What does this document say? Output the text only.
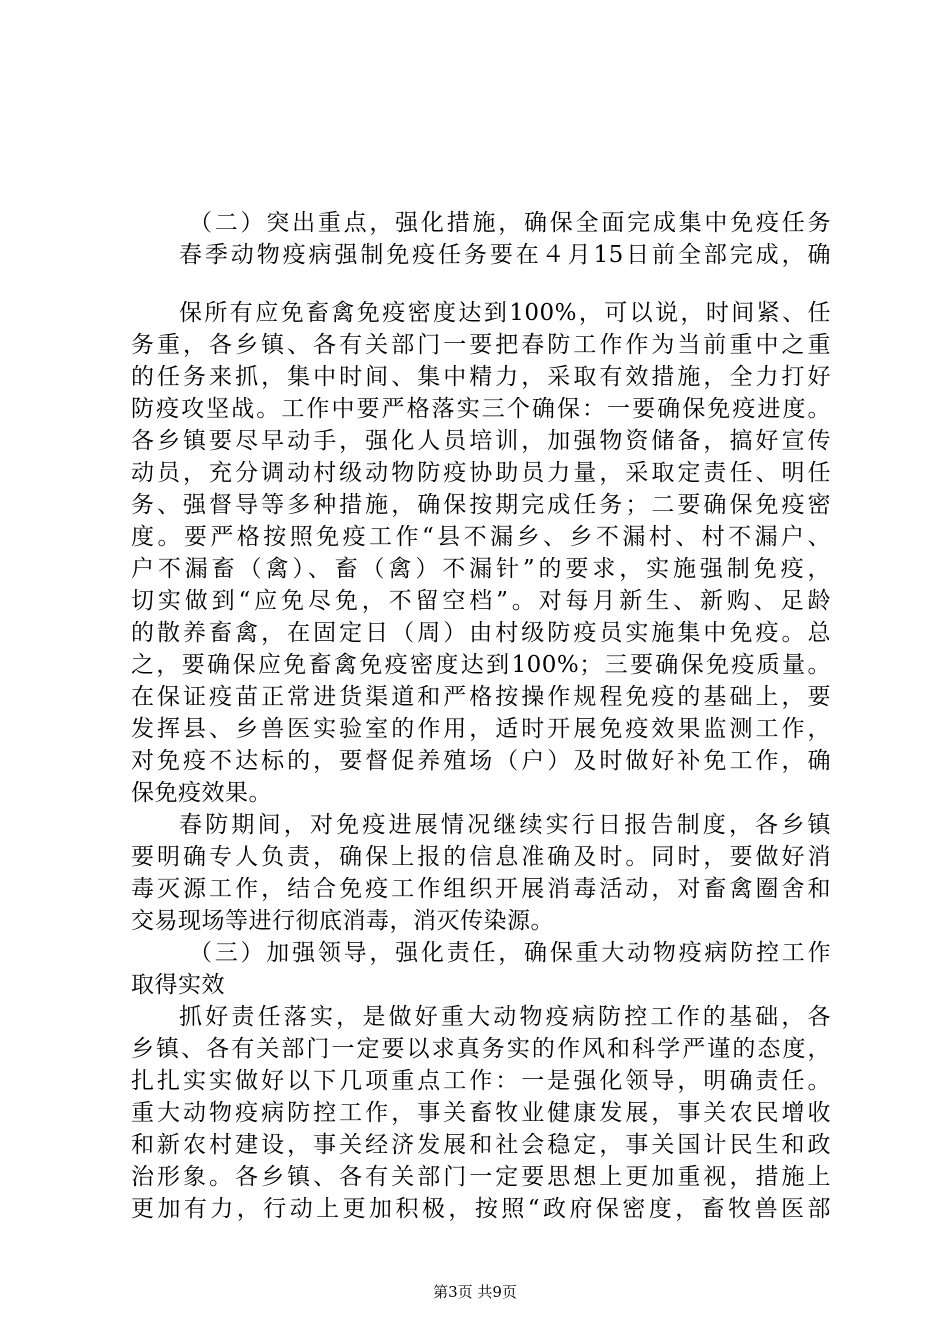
（二）突出重点，强化措施，确保全面完成集中免疫任务
春季动物疫病强制免疫任务要在４月15日前全部完成，确
保所有应免畜禽免疫密度达到100%，可以说，时间紧、任
务重，各乡镇、各有关部门一要把春防工作作为当前重中之重
的任务来抓，集中时间、集中精力，采取有效措施，全力打好
防疫攻坚战。工作中要严格落实三个确保：一要确保免疫进度。
各乡镇要尽早动手，强化人员培训，加强物资储备，搞好宣传
动员，充分调动村级动物防疫协助员力量，采取定责任、明任
务、强督导等多种措施，确保按期完成任务；二要确保免疫密
度。要严格按照免疫工作“县不漏乡、乡不漏村、村不漏户、
户不漏畜（禽）、畜（禽）不漏针”的要求，实施强制免疫，
切实做到“应免尽免，不留空档”。对每月新生、新购、足龄
的散养畜禽，在固定日（周）由村级防疫员实施集中免疫。总
之，要确保应免畜禽免疫密度达到100%；三要确保免疫质量。
在保证疫苗正常进货渠道和严格按操作规程免疫的基础上，要
发挥县、乡兽医实验室的作用，适时开展免疫效果监测工作，
对免疫不达标的，要督促养殖场（户）及时做好补免工作，确
保免疫效果。
春防期间，对免疫进展情况继续实行日报告制度，各乡镇
要明确专人负责，确保上报的信息准确及时。同时，要做好消
毒灭源工作，结合免疫工作组织开展消毒活动，对畜禽圈舍和
交易现场等进行彻底消毒，消灭传染源。
（三）加强领导，强化责任，确保重大动物疫病防控工作
取得实效
抓好责任落实，是做好重大动物疫病防控工作的基础，各
乡镇、各有关部门一定要以求真务实的作风和科学严谨的态度，
扎扎实实做好以下几项重点工作：一是强化领导，明确责任。
重大动物疫病防控工作，事关畜牧业健康发展，事关农民增收
和新农村建设，事关经济发展和社会稳定，事关国计民生和政
治形象。各乡镇、各有关部门一定要思想上更加重视，措施上
更加有力，行动上更加积极，按照“政府保密度，畜牧兽医部
第3页 共9页
